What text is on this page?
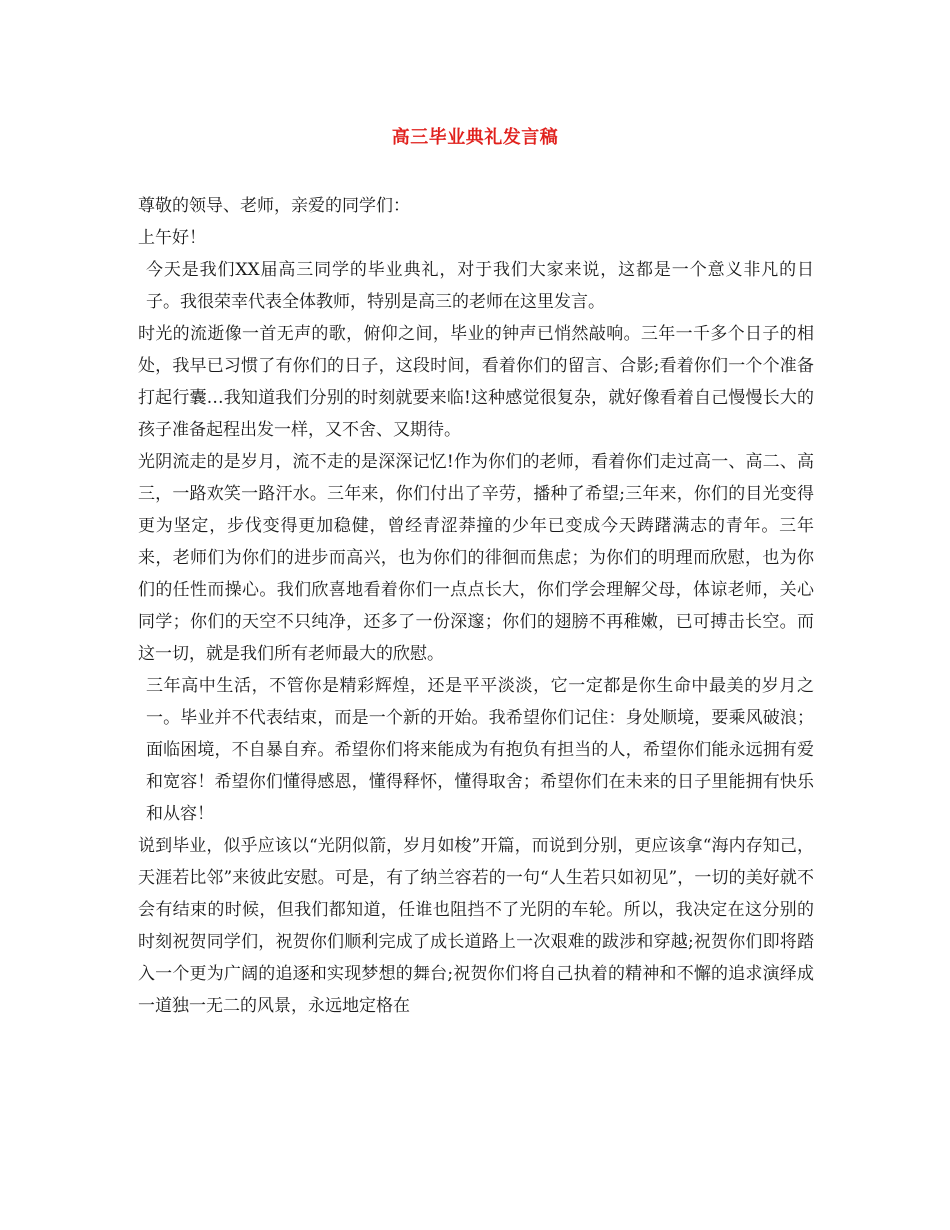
高三毕业典礼发言稿

尊敬的领导、老师，亲爱的同学们：

上午好！

今天是我们XX届高三同学的毕业典礼，对于我们大家来说，这都是一个意义非凡的日子。我很荣幸代表全体教师，特别是高三的老师在这里发言。

时光的流逝像一首无声的歌，俯仰之间，毕业的钟声已悄然敲响。三年一千多个日子的相处，我早已习惯了有你们的日子，这段时间，看着你们的留言、合影;看着你们一个个准备打起行囊…我知道我们分别的时刻就要来临!这种感觉很复杂，就好像看着自己慢慢长大的孩子准备起程出发一样，又不舍、又期待。

光阴流走的是岁月，流不走的是深深记忆!作为你们的老师，看着你们走过高一、高二、高三，一路欢笑一路汗水。三年来，你们付出了辛劳，播种了希望;三年来，你们的目光变得更为坚定，步伐变得更加稳健，曾经青涩莽撞的少年已变成今天踌躇满志的青年。三年来，老师们为你们的进步而高兴，也为你们的徘徊而焦虑；为你们的明理而欣慰，也为你们的任性而操心。我们欣喜地看着你们一点点长大，你们学会理解父母，体谅老师，关心同学；你们的天空不只纯净，还多了一份深邃；你们的翅膀不再稚嫩，已可搏击长空。而这一切，就是我们所有老师最大的欣慰。

三年高中生活，不管你是精彩辉煌，还是平平淡淡，它一定都是你生命中最美的岁月之一。毕业并不代表结束，而是一个新的开始。我希望你们记住：身处顺境，要乘风破浪；面临困境，不自暴自弃。希望你们将来能成为有抱负有担当的人，希望你们能永远拥有爱和宽容！希望你们懂得感恩，懂得释怀，懂得取舍；希望你们在未来的日子里能拥有快乐和从容！

说到毕业，似乎应该以“光阴似箭，岁月如梭”开篇，而说到分别，更应该拿“海内存知己，天涯若比邻”来彼此安慰。可是，有了纳兰容若的一句“人生若只如初见”，一切的美好就不会有结束的时候，但我们都知道，任谁也阻挡不了光阴的车轮。所以，我决定在这分别的时刻祝贺同学们，祝贺你们顺利完成了成长道路上一次艰难的跋涉和穿越;祝贺你们即将踏入一个更为广阔的追逐和实现梦想的舞台;祝贺你们将自己执着的精神和不懈的追求演绎成一道独一无二的风景，永远地定格在
